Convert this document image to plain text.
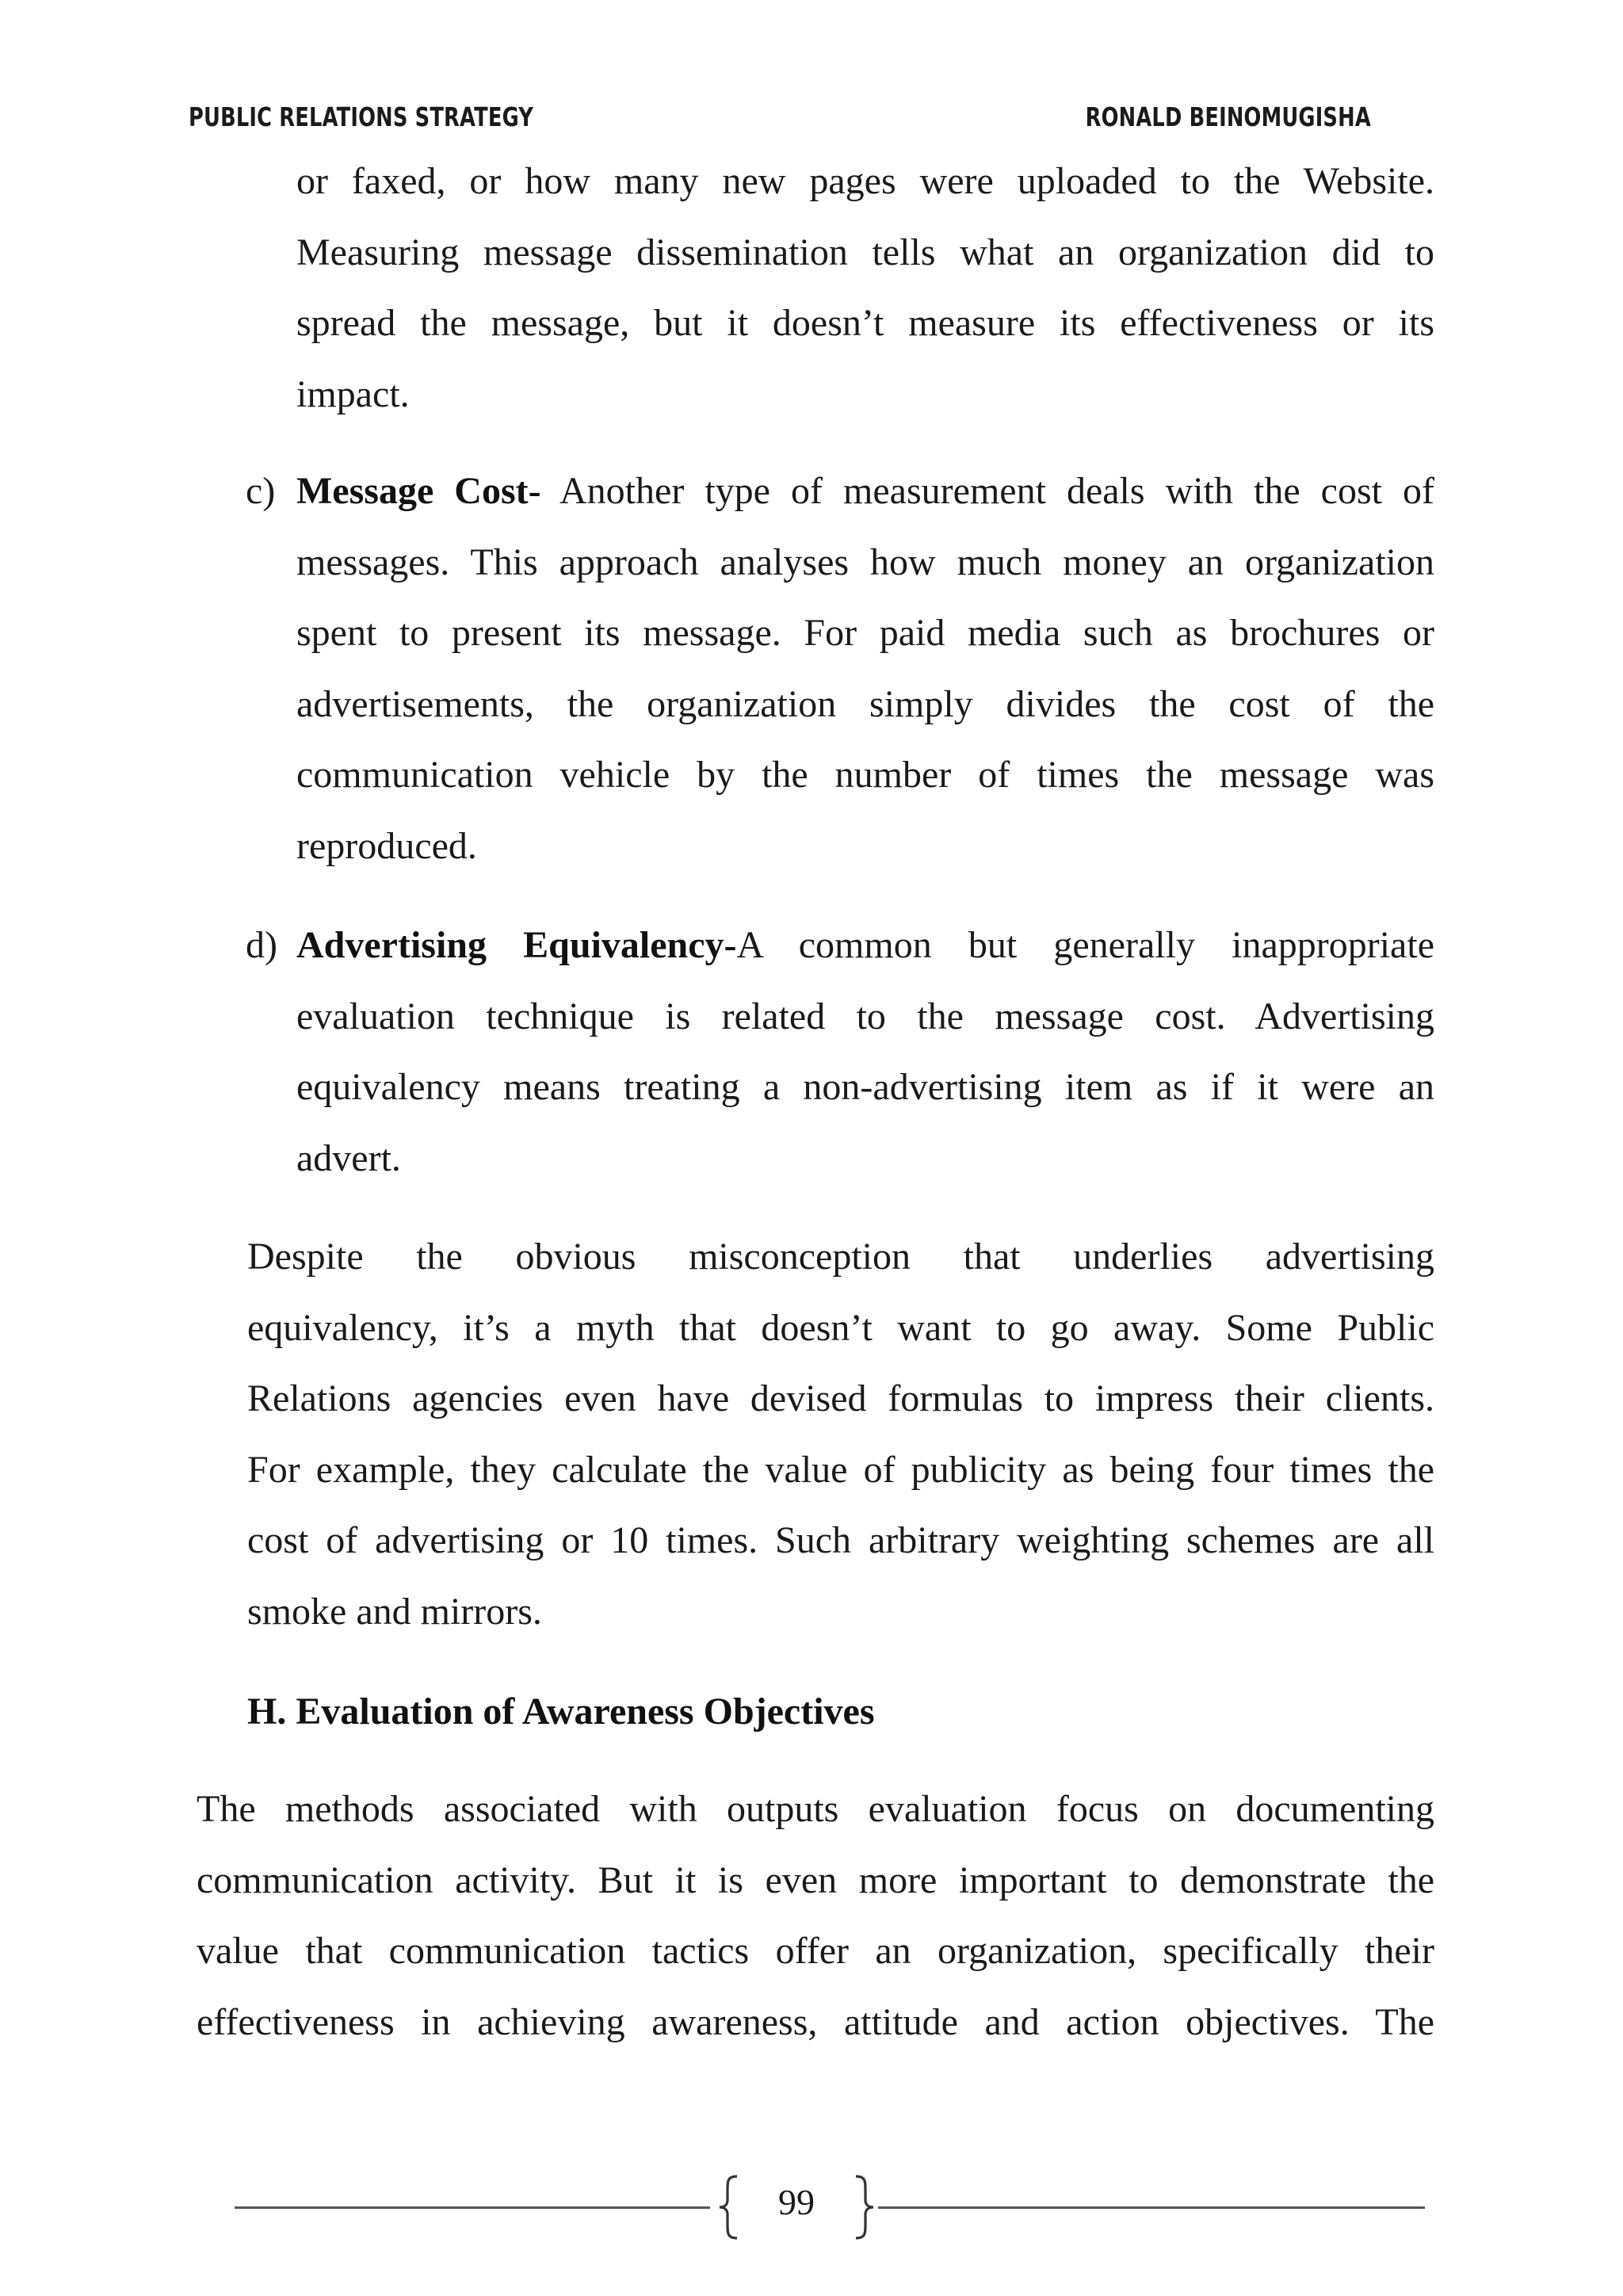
PUBLIC RELATIONS STRATEGY	RONALD BEINOMUGISHA

or faxed, or how many new pages were uploaded to the Website.

Measuring message dissemination tells what an organization did to

spread the message, but it doesn’t measure its effectiveness or its

impact.

c) Message Cost- Another type of measurement deals with the cost of

messages. This approach analyses how much money an organization

spent to present its message. For paid media such as brochures or

advertisements, the organization simply divides the cost of the

communication vehicle by the number of times the message was

reproduced.

d) Advertising Equivalency-A common but generally inappropriate

evaluation technique is related to the message cost. Advertising

equivalency means treating a non-advertising item as if it were an

advert.

Despite the obvious misconception that underlies advertising

equivalency, it’s a myth that doesn’t want to go away. Some Public

Relations agencies even have devised formulas to impress their clients.

For example, they calculate the value of publicity as being four times the

cost of advertising or 10 times. Such arbitrary weighting schemes are all

smoke and mirrors.

H. Evaluation of Awareness Objectives

The methods associated with outputs evaluation focus on documenting

communication activity. But it is even more important to demonstrate the

value that communication tactics offer an organization, specifically their

effectiveness in achieving awareness, attitude and action objectives. The

99
